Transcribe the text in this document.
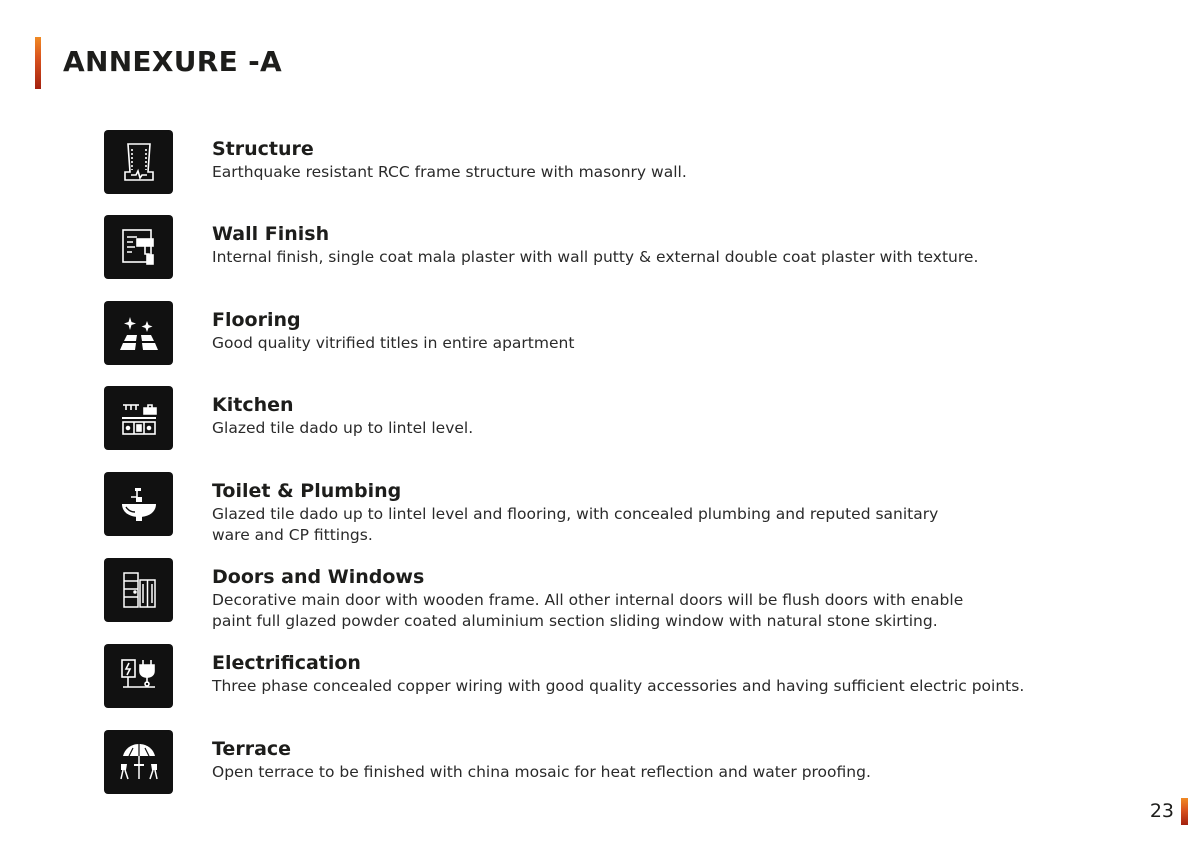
ANNEXURE -A

Structure

Earthquake resistant RCC frame structure with masonry wall.

Wall Finish

Internal finish, single coat mala plaster with wall putty & external double coat plaster with texture.

Flooring

Good quality vitrified titles in entire apartment

Kitchen

Glazed tile dado up to lintel level.

Toilet & Plumbing

Glazed tile dado up to lintel level and flooring, with concealed plumbing and reputed sanitary
ware and CP fittings.

Doors and Windows

Decorative main door with wooden frame. All other internal doors will be flush doors with enable
paint full glazed powder coated aluminium section sliding window with natural stone skirting.

Electrification

Three phase concealed copper wiring with good quality accessories and having sufficient electric points.

Terrace

Open terrace to be finished with china mosaic for heat reflection and water proofing.

23
